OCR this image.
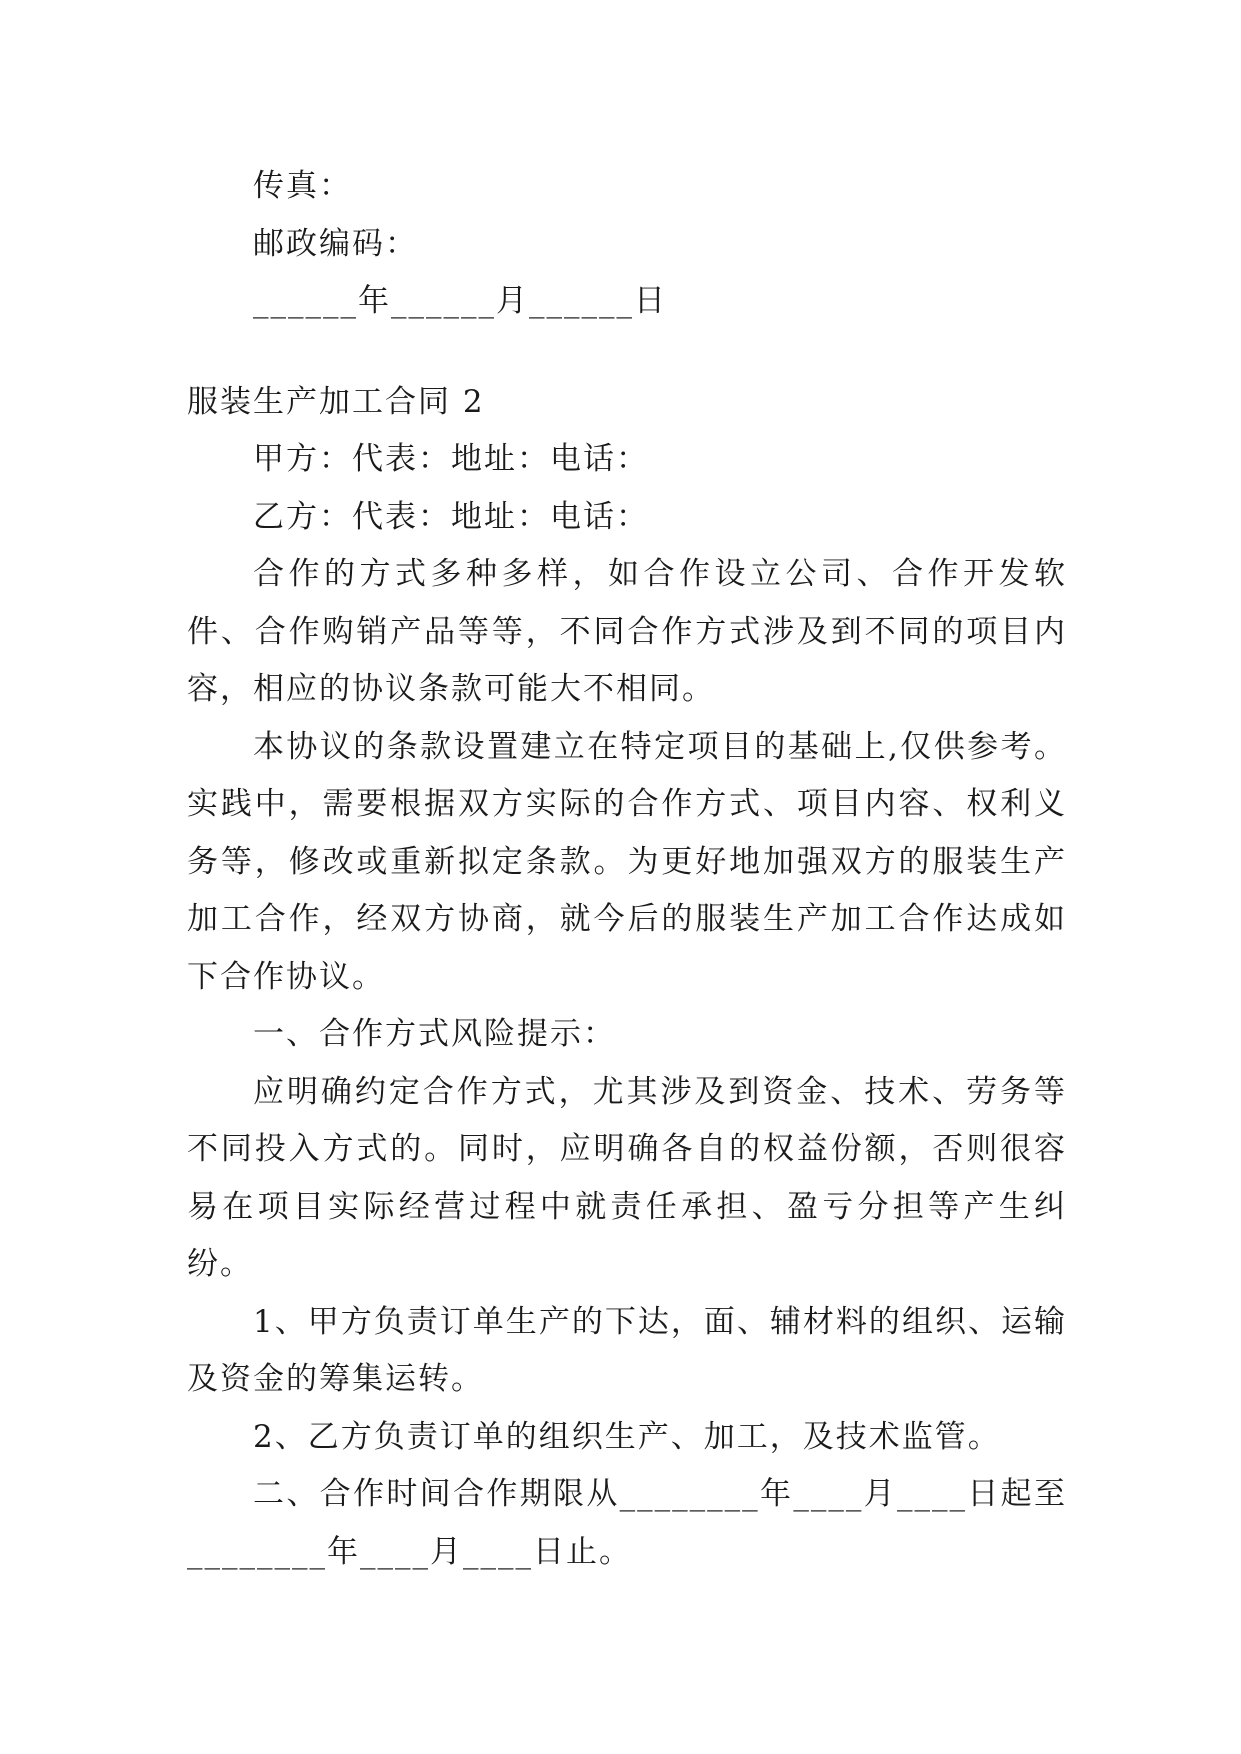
传真：
邮政编码：
______年______月______日
服装生产加工合同 2
甲方：代表：地址：电话：
乙方：代表：地址：电话：

合作的方式多种多样，如合作设立公司、合作开发软件、合作购销产品等等，不同合作方式涉及到不同的项目内容，相应的协议条款可能大不相同。

本协议的条款设置建立在特定项目的基础上,仅供参考。实践中，需要根据双方实际的合作方式、项目内容、权利义务等，修改或重新拟定条款。为更好地加强双方的服装生产加工合作，经双方协商，就今后的服装生产加工合作达成如下合作协议。

一、合作方式风险提示：

应明确约定合作方式，尤其涉及到资金、技术、劳务等不同投入方式的。同时，应明确各自的权益份额，否则很容易在项目实际经营过程中就责任承担、盈亏分担等产生纠纷。

1、甲方负责订单生产的下达，面、辅材料的组织、运输及资金的筹集运转。

2、乙方负责订单的组织生产、加工，及技术监管。

二、合作时间合作期限从________年____月____日起至________年____月____日止。
